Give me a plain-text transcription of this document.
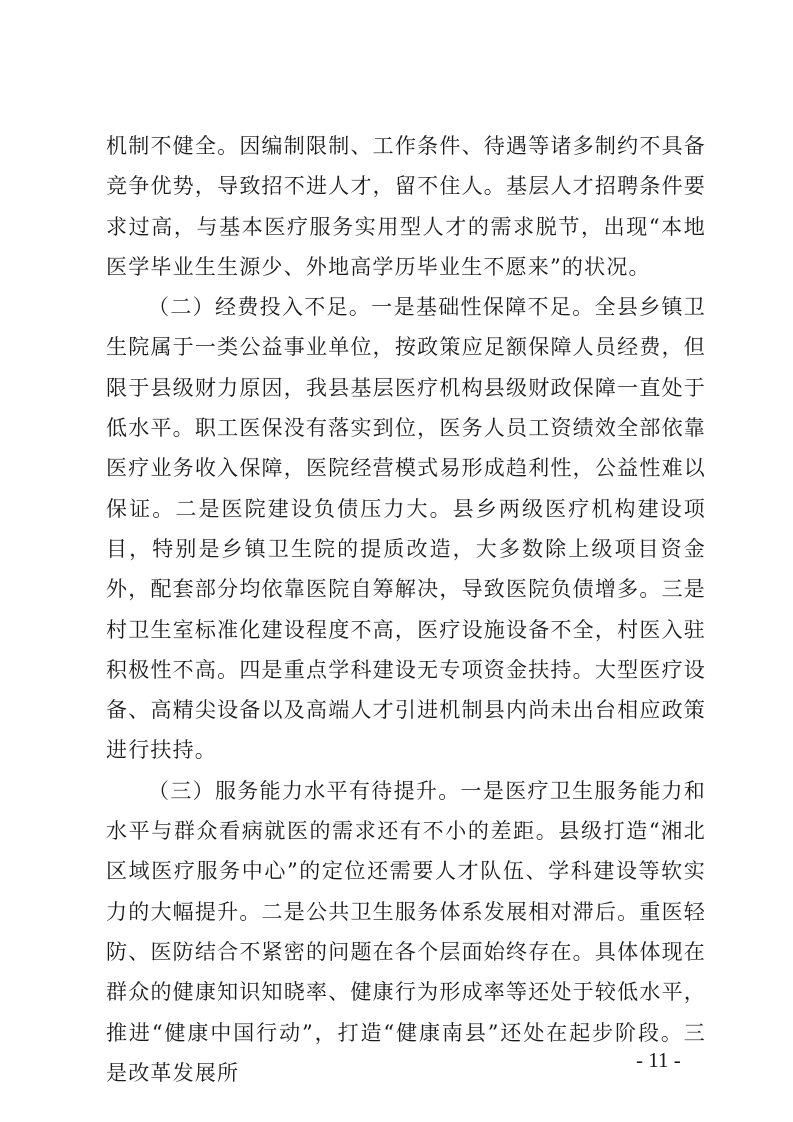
机制不健全。因编制限制、工作条件、待遇等诸多制约不具备竞争优势，导致招不进人才，留不住人。基层人才招聘条件要求过高，与基本医疗服务实用型人才的需求脱节，出现“本地医学毕业生生源少、外地高学历毕业生不愿来”的状况。

（二）经费投入不足。一是基础性保障不足。全县乡镇卫生院属于一类公益事业单位，按政策应足额保障人员经费，但限于县级财力原因，我县基层医疗机构县级财政保障一直处于低水平。职工医保没有落实到位，医务人员工资绩效全部依靠医疗业务收入保障，医院经营模式易形成趋利性，公益性难以保证。二是医院建设负债压力大。县乡两级医疗机构建设项目，特别是乡镇卫生院的提质改造，大多数除上级项目资金外，配套部分均依靠医院自筹解决，导致医院负债增多。三是村卫生室标准化建设程度不高，医疗设施设备不全，村医入驻积极性不高。四是重点学科建设无专项资金扶持。大型医疗设备、高精尖设备以及高端人才引进机制县内尚未出台相应政策进行扶持。

（三）服务能力水平有待提升。一是医疗卫生服务能力和水平与群众看病就医的需求还有不小的差距。县级打造“湘北区域医疗服务中心”的定位还需要人才队伍、学科建设等软实力的大幅提升。二是公共卫生服务体系发展相对滞后。重医轻防、医防结合不紧密的问题在各个层面始终存在。具体体现在群众的健康知识知晓率、健康行为形成率等还处于较低水平，推进“健康中国行动”，打造“健康南县”还处在起步阶段。三是改革发展所

- 11 -
